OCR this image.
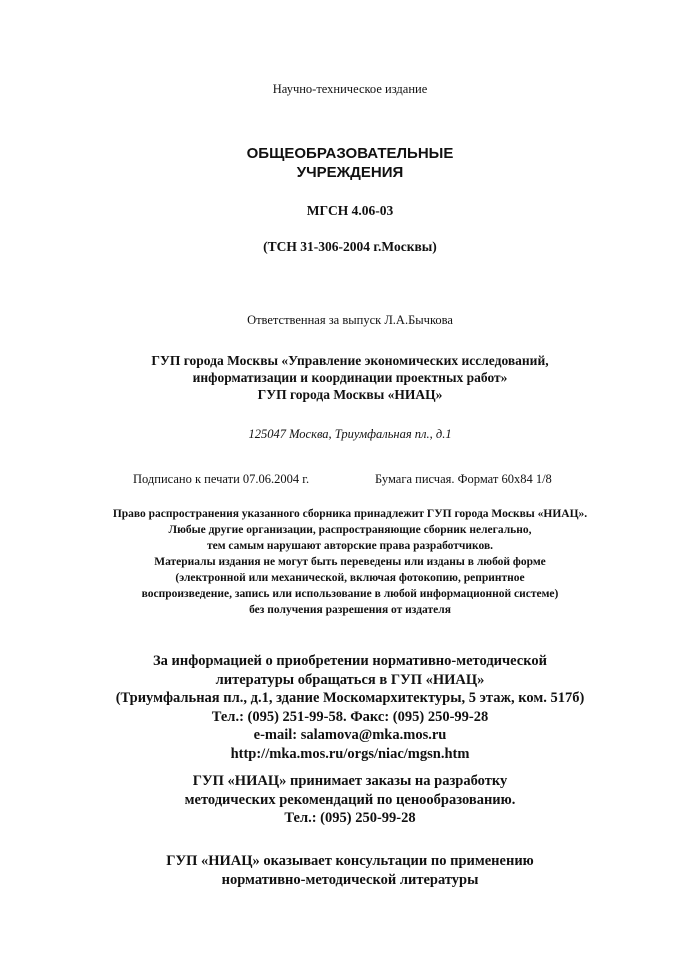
Научно-техническое издание
ОБЩЕОБРАЗОВАТЕЛЬНЫЕ
УЧРЕЖДЕНИЯ
МГСН 4.06-03
(ТСН 31-306-2004 г.Москвы)
Ответственная за выпуск Л.А.Бычкова
ГУП города Москвы «Управление экономических исследований,
информатизации и координации проектных работ»
ГУП города Москвы «НИАЦ»
125047 Москва, Триумфальная пл., д.1
Подписано к печати 07.06.2004 г.	Бумага писчая. Формат 60х84 1/8
Право распространения указанного сборника принадлежит ГУП города Москвы «НИАЦ».
Любые другие организации, распространяющие сборник нелегально,
тем самым нарушают авторские права разработчиков.
Материалы издания не могут быть переведены или изданы в любой форме
(электронной или механической, включая фотокопию, репринтное
воспроизведение, запись или использование в любой информационной системе)
без получения разрешения от издателя
За информацией о приобретении нормативно-методической
литературы обращаться в ГУП «НИАЦ»
(Триумфальная пл., д.1, здание Москомархитектуры, 5 этаж, ком. 517б)
Тел.: (095) 251-99-58. Факс: (095) 250-99-28
e-mail: salamova@mka.mos.ru
http://mka.mos.ru/orgs/niac/mgsn.htm
ГУП «НИАЦ» принимает заказы на разработку
методических рекомендаций по ценообразованию.
Тел.: (095) 250-99-28
ГУП «НИАЦ» оказывает консультации по применению
нормативно-методической литературы
